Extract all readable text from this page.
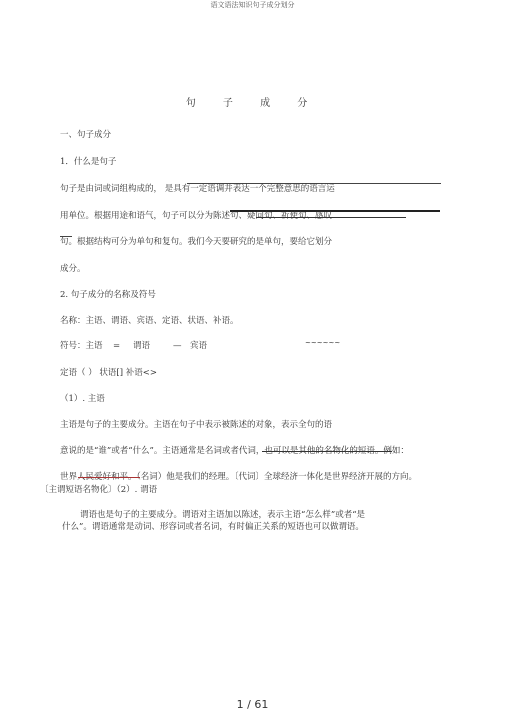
语文语法知识句子成分划分
句 子 成 分
一、句子成分
1．什么是句子
句子是由词或词组构成的， 是具有一定语调并表达一个完整意思的语言运
用单位。根据用途和语气，句子可以分为陈述句、疑问句、祈使句、感叹
句。根据结构可分为单句和复句。我们今天要研究的是单句，要给它划分
成分。
2. 句子成分的名称及符号
名称：主语、谓语、宾语、定语、状语、补语。
符号：主语 = 谓语	— 宾语	~~~~~~
定语（ ） 状语[] 补语<>
（1）. 主语
主语是句子的主要成分。主语在句子中表示被陈述的对象，表示全句的语
意说的是“谁”或者“什么”。主语通常是名词或者代词，也可以是其他的名物化的短语。例如：
世界人民爱好和平。（名词）他是我们的经理。〔代词〕全球经济一体化是世界经济开展的方向。
〔主谓短语名物化〕（2）. 谓语
谓语也是句子的主要成分。谓语对主语加以陈述，表示主语“怎么样”或者“是
什么”。谓语通常是动词、形容词或者名词，有时偏正关系的短语也可以做谓语。
1 / 61
